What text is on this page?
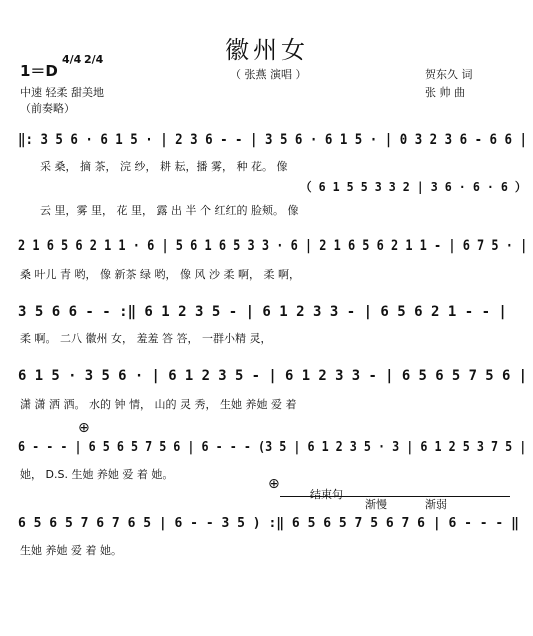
徽州女
（ 张燕 演唱 ）	贺东久 词
张 帅 曲
1＝D
4/4 2/4
中速 轻柔 甜美地
（前奏略）
‖: 3 5 6 · 6 1 5 · | 2 3 6 - - | 3 5 6 · 6 1 5 · | 0 3 2 3 6 - 6 6 |
采 桑， 摘 茶， 浣 纱， 耕 耘，播 雾， 种 花。 像
（ 6 1 5 5 3 3 2 | 3 6 · 6 · 6 ）
云 里，雾 里， 花 里， 露 出 半 个 红红的 脸颊。 像
2 1 6 5 6 2 1 1 · 6 | 5 6 1 6 5 3 3 · 6 | 2 1 6 5 6 2 1 1 - | 6 7 5 · |
桑 叶儿 青 哟， 像 新茶 绿 哟， 像 风 沙 柔 啊， 柔 啊，
3 5 6 6 - - :‖ 6 1 2 3 5 - | 6 1 2 3 3 - | 6 5 6 2 1 - - |
柔 啊。 二八 徽州 女， 羞羞 答 答， 一群小精 灵，
6 1 5 · 3 5 6 · | 6 1 2 3 5 - | 6 1 2 3 3 - | 6 5 6 5 7 5 6 |
潇 潇 洒 洒。 水的 钟 情， 山的 灵 秀， 生她 养她 爱 着
6 - - - | 6 5 6 5 7 5 6 | 6 - - - (3 5 | 6 1 2 3 5 · 3 | 6 1 2 5 3 7 5 |
她， D.S. 生她 养她 爱 着 她。
⊕
⊕
结束句
渐慢	渐弱
6 5 6 5 7 6 7 6 5 | 6 - - 3 5 ) :‖ 6 5 6 5 7 5 6 7 6 | 6 - - - ‖
生她 养她 爱 着 她。
